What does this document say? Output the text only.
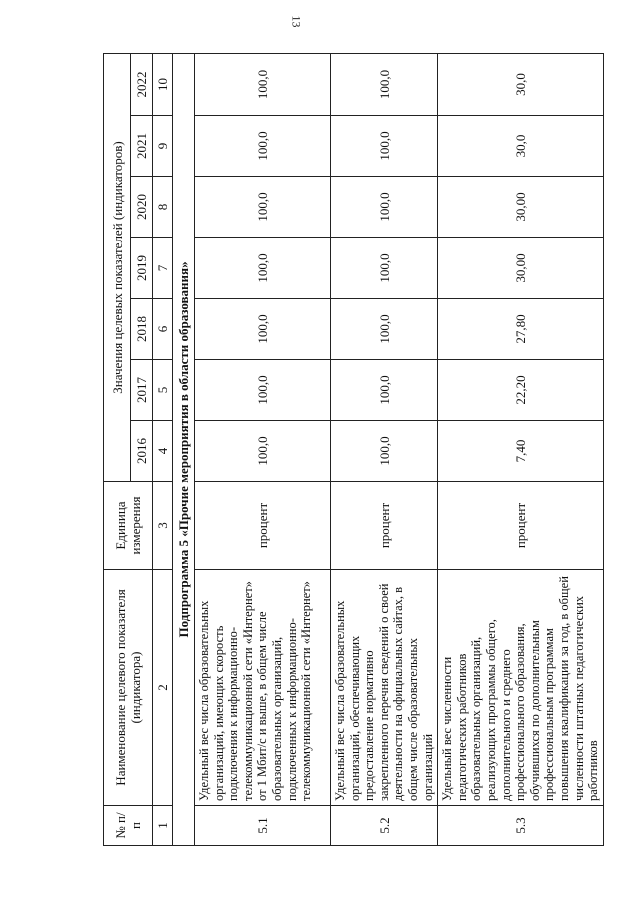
13
№ п/п	Наименование целевого показателя (индикатора)	Единица измерения	Значения целевых показателей (индикаторов)						
			2016	2017	2018	2019	2020	2021	2022
1	2	3	4	5	6	7	8	9	10
Подпрограмма 5 «Прочие мероприятия в области образования»									
5.1	Удельный вес числа образовательных организаций, имеющих скорость подключения к информационно-телекоммуникационной сети «Интернет» от 1 Мбит/с и выше, в общем числе образовательных организаций, подключенных к информационно-телекоммуникационной сети «Интернет»	процент	100,0	100,0	100,0	100,0	100,0	100,0	100,0
5.2	Удельный вес числа образовательных организаций, обеспечивающих предоставление нормативно закрепленного перечня сведений о своей деятельности на официальных сайтах, в общем числе образовательных организаций	процент	100,0	100,0	100,0	100,0	100,0	100,0	100,0
5.3	Удельный вес численности педагогических работников образовательных организаций, реализующих программы общего, дополнительного и среднего профессионального образования, обучившихся по дополнительным профессиональным программам повышения квалификации за год, в общей численности штатных педагогических работников	процент	7,40	22,20	27,80	30,00	30,00	30,0	30,0
